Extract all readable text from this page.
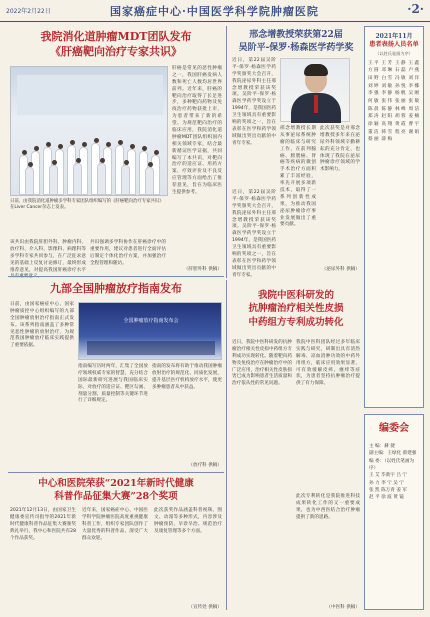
2022年2月22日	国家癌症中心·中国医学科学院肿瘤医院	·2·
我院消化道肿瘤MDT团队发布
《肝癌靶向治疗专家共识》
肝癌是常见的恶性肿瘤之一，我国肝癌发病人数和死亡人数均居世界前列。近年来，肝癌的靶向治疗取得了长足进步，多种靶向药物及免疫治疗药物获批上市，为患者带来了新的希望。为规范靶向治疗的临床应用，我院消化道肿瘤MDT团队组织国内相关领域专家，结合最新循证医学证据，共同编写了本共识，对靶向治疗的适应证、用药方案、疗效评价及不良反应管理等方面给出了推荐意见，旨在为临床医生提供参考。
日前，由我院消化道肿瘤多学科专家团队组织编写的《肝癌靶向治疗专家共识》在Liver Cancer杂志上发表。
该共识由我院肝胆外科、肿瘤内科、放疗科、介入科、影像科、病理科等多学科专家共同参与，在广泛征求意见的基础上反复讨论修订，最终形成推荐意见，对提高我国肝癌诊疗水平
共识强调多学科协作在肝癌诊疗中的重要作用，建议对患者进行全面评估后制定个体化治疗方案，并加强治疗全程管理和随访。
（肝胆外科 供稿）
邢念增教授荣获第22届
吴阶平-保罗·杨森医学药学奖
近日，第22届吴阶平-保罗·杨森医学药学奖颁奖大会召开，我院泌尿外科主任邢念增教授荣获该奖项。吴阶平-保罗·杨森医学药学奖设立于1994年，是我国医药卫生领域具有重要影响的奖项之一，旨在表彰在医学和药学领域做出突出贡献的中青年专家。
邢念增教授长期从事泌尿系统肿瘤的临床与研究工作，在前列腺癌、膀胱癌、肾癌等疾病的微创手术治疗方面积累了丰富经验，率先开展多项新技术，取得了一系列创新性成果，为推动我国泌尿肿瘤诊疗事业发展做出了重要贡献。
此次获奖是对邢念增教授多年来在泌尿外科领域辛勤耕耘的充分肯定，也体现了我院在泌尿肿瘤诊疗领域的学术影响力。
近日，第22届吴阶平-保罗·杨森医学药学奖颁奖大会召开，我院泌尿外科主任邢念增教授荣获该奖项。吴阶平-保罗·杨森医学药学奖设立于1994年，是我国医药卫生领域具有重要影响的奖项之一，旨在表彰在医学和药学领域做出突出贡献的中青年专家。
（泌尿外科 供稿）
2021年11月
患者表扬人员名单
（以姓氏笔画为序）
王 平 王 芳 王 静 王 鑫
方 圆 邓 琳 石 磊 卢 燕
田 野 白 雪 冯 敏 刘 洋
刘 婷 刘 敏 孙 悦 李 娜
李 强 李 静 杨 帆 吴 刚
何 敏 张 伟 张 丽 张 敏
陈 晨 陈 静 林 峰 周 洁
郑 涛 赵 阳 胡 蓉 姜 楠
徐 颖 高 翔 黄 霞 曹 宇
董 洁 韩 雪 程 亮 谢 娟
蔡 丽 薛 梅
九部全国肿瘤放疗指南发布
日前，由国家癌症中心、国家肿瘤质控中心组织编写的九部全国肿瘤放射治疗指南正式发布。该系列指南涵盖了多种常见恶性肿瘤的放射治疗，为规范我国肿瘤放疗临床实践提供了重要依据。
全国肿瘤放疗指南发布会
指南编写历时两年，汇集了全国放疗领域权威专家的智慧，充分结合国际最新研究进展与我国临床实际，对放疗的适应证、靶区勾画、剂量分割、质量控制等关键环节进行了详细规定。
指南的发布将有助于推动我国肿瘤放射治疗的规范化、同质化发展，提升基层医疗机构放疗水平，使更多肿瘤患者从中获益。
（放疗科 供稿）
中心和医院荣获“2021年新时代健康
科普作品征集大赛”28个奖项
2021年12月13日，由国家卫生健康委宣传司指导的2021年新时代健康科普作品征集大赛颁奖典礼举行，我中心和医院共有28个作品获奖。
近年来，国家癌症中心、中国医学科学院肿瘤医院高度重视健康科普工作，组织专家团队创作了大量优秀的科普作品，深受广大群众欢迎。
此次获奖作品涵盖科普视频、图文、动漫等多种形式，内容涉及肿瘤预防、早诊早治、规范治疗及康复管理等多个方面。
（宣传处 供稿）
我院中医科研发的
抗肿瘤治疗相关性皮损
中药组方专利成功转化
近日，我院中医科研发的抗肿瘤治疗相关性皮损中药组方专利成功实现转化。随着靶向药物及免疫治疗在肿瘤治疗中的广泛应用，治疗相关性皮肤损害已成为影响患者生活质量和治疗依从性的常见问题。
我院中医科团队经过多年临床实践与研究，研制出具有清热解毒、凉血消肿功效的中药外用组方，临床应用效果显著，可有效缓解皮疹、瘙痒等症状，为患者坚持抗肿瘤治疗提供了有力保障。
此次专利转化是我院推进科技成果转化工作的又一重要成果，也为中西医结合治疗肿瘤提供了新的思路。
（中医科 供稿）
编委会
主 编：赫 捷
副主编：王绿化 蔡建强
编 委：（以姓氏笔画为序）
王 艾 毕新宇 吕 宁
孙 力 李 宁 吴 宁
张 凯 陈万青 姜 军
赵 平 徐 波 黄 镜
